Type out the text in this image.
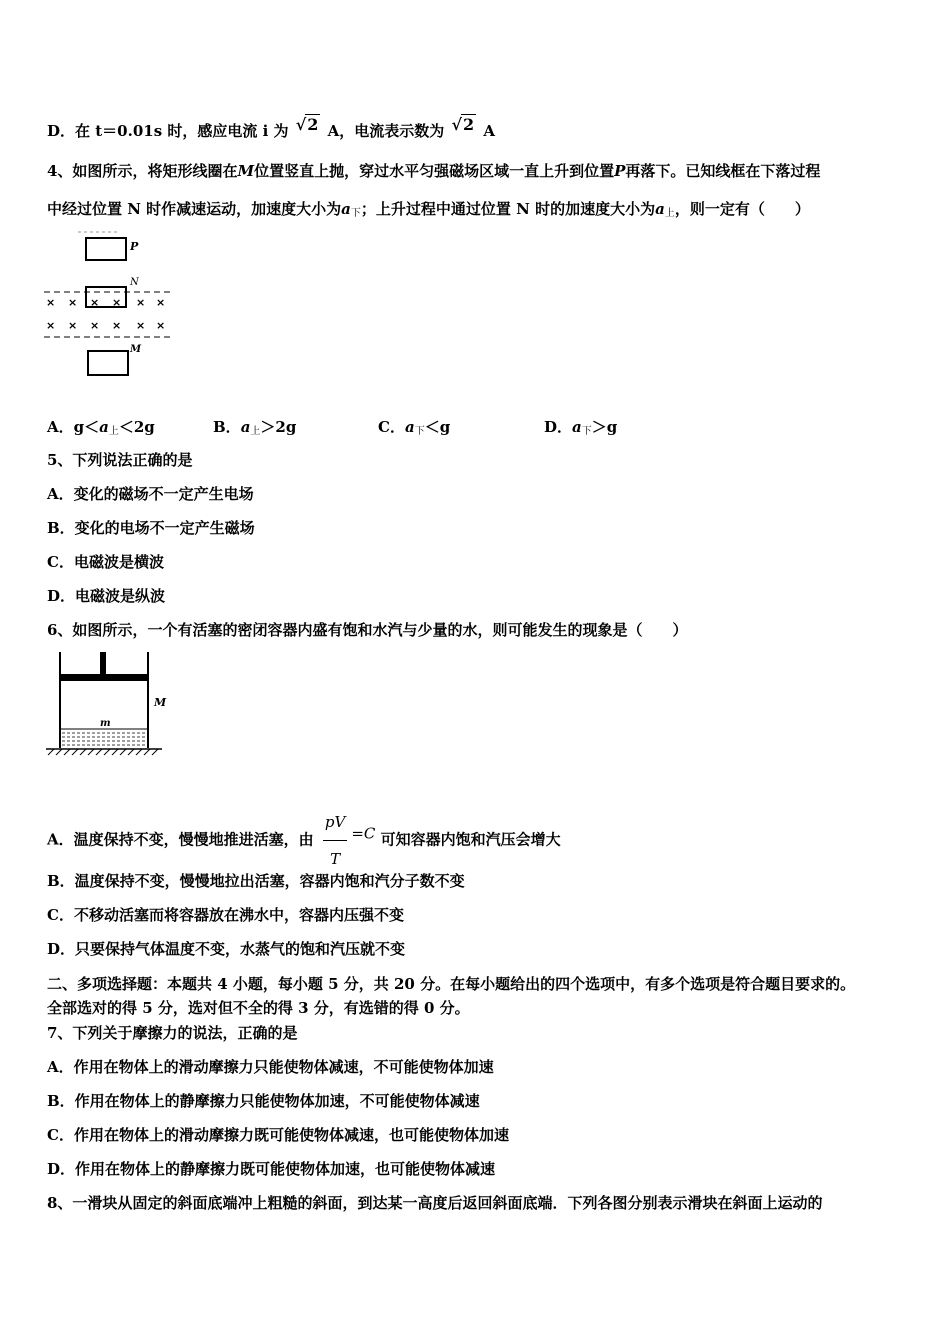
D．在 t＝0.01s 时，感应电流 i 为 √2 A，电流表示数为 √2 A
4、如图所示，将矩形线圈在M位置竖直上抛，穿过水平匀强磁场区域一直上升到位置P再落下。已知线框在下落过程
中经过位置 N 时作减速运动，加速度大小为$a_下$；上升过程中通过位置 N 时的加速度大小为$a_上$，则一定有（　　）
P
N
× × × × × ×
× × × × × ×
M
A．$g<a_上<2g$	B．$a_上>2g$	C．$a_下<g$	D．$a_下>g$
5、下列说法正确的是
A．变化的磁场不一定产生电场
B．变化的电场不一定产生磁场
C．电磁波是横波
D．电磁波是纵波
6、如图所示，一个有活塞的密闭容器内盛有饱和水汽与少量的水，则可能发生的现象是（　　）
M
m
A．温度保持不变，慢慢地推进活塞，由 $\frac{pV}{T} =C$ 可知容器内饱和汽压会增大
B．温度保持不变，慢慢地拉出活塞，容器内饱和汽分子数不变
C．不移动活塞而将容器放在沸水中，容器内压强不变
D．只要保持气体温度不变，水蒸气的饱和汽压就不变
二、多项选择题：本题共 4 小题，每小题 5 分，共 20 分。在每小题给出的四个选项中，有多个选项是符合题目要求的。
全部选对的得 5 分，选对但不全的得 3 分，有选错的得 0 分。
7、下列关于摩擦力的说法，正确的是
A．作用在物体上的滑动摩擦力只能使物体减速，不可能使物体加速
B．作用在物体上的静摩擦力只能使物体加速，不可能使物体减速
C．作用在物体上的滑动摩擦力既可能使物体减速，也可能使物体加速
D．作用在物体上的静摩擦力既可能使物体加速，也可能使物体减速
8、一滑块从固定的斜面底端冲上粗糙的斜面，到达某一高度后返回斜面底端．下列各图分别表示滑块在斜面上运动的
